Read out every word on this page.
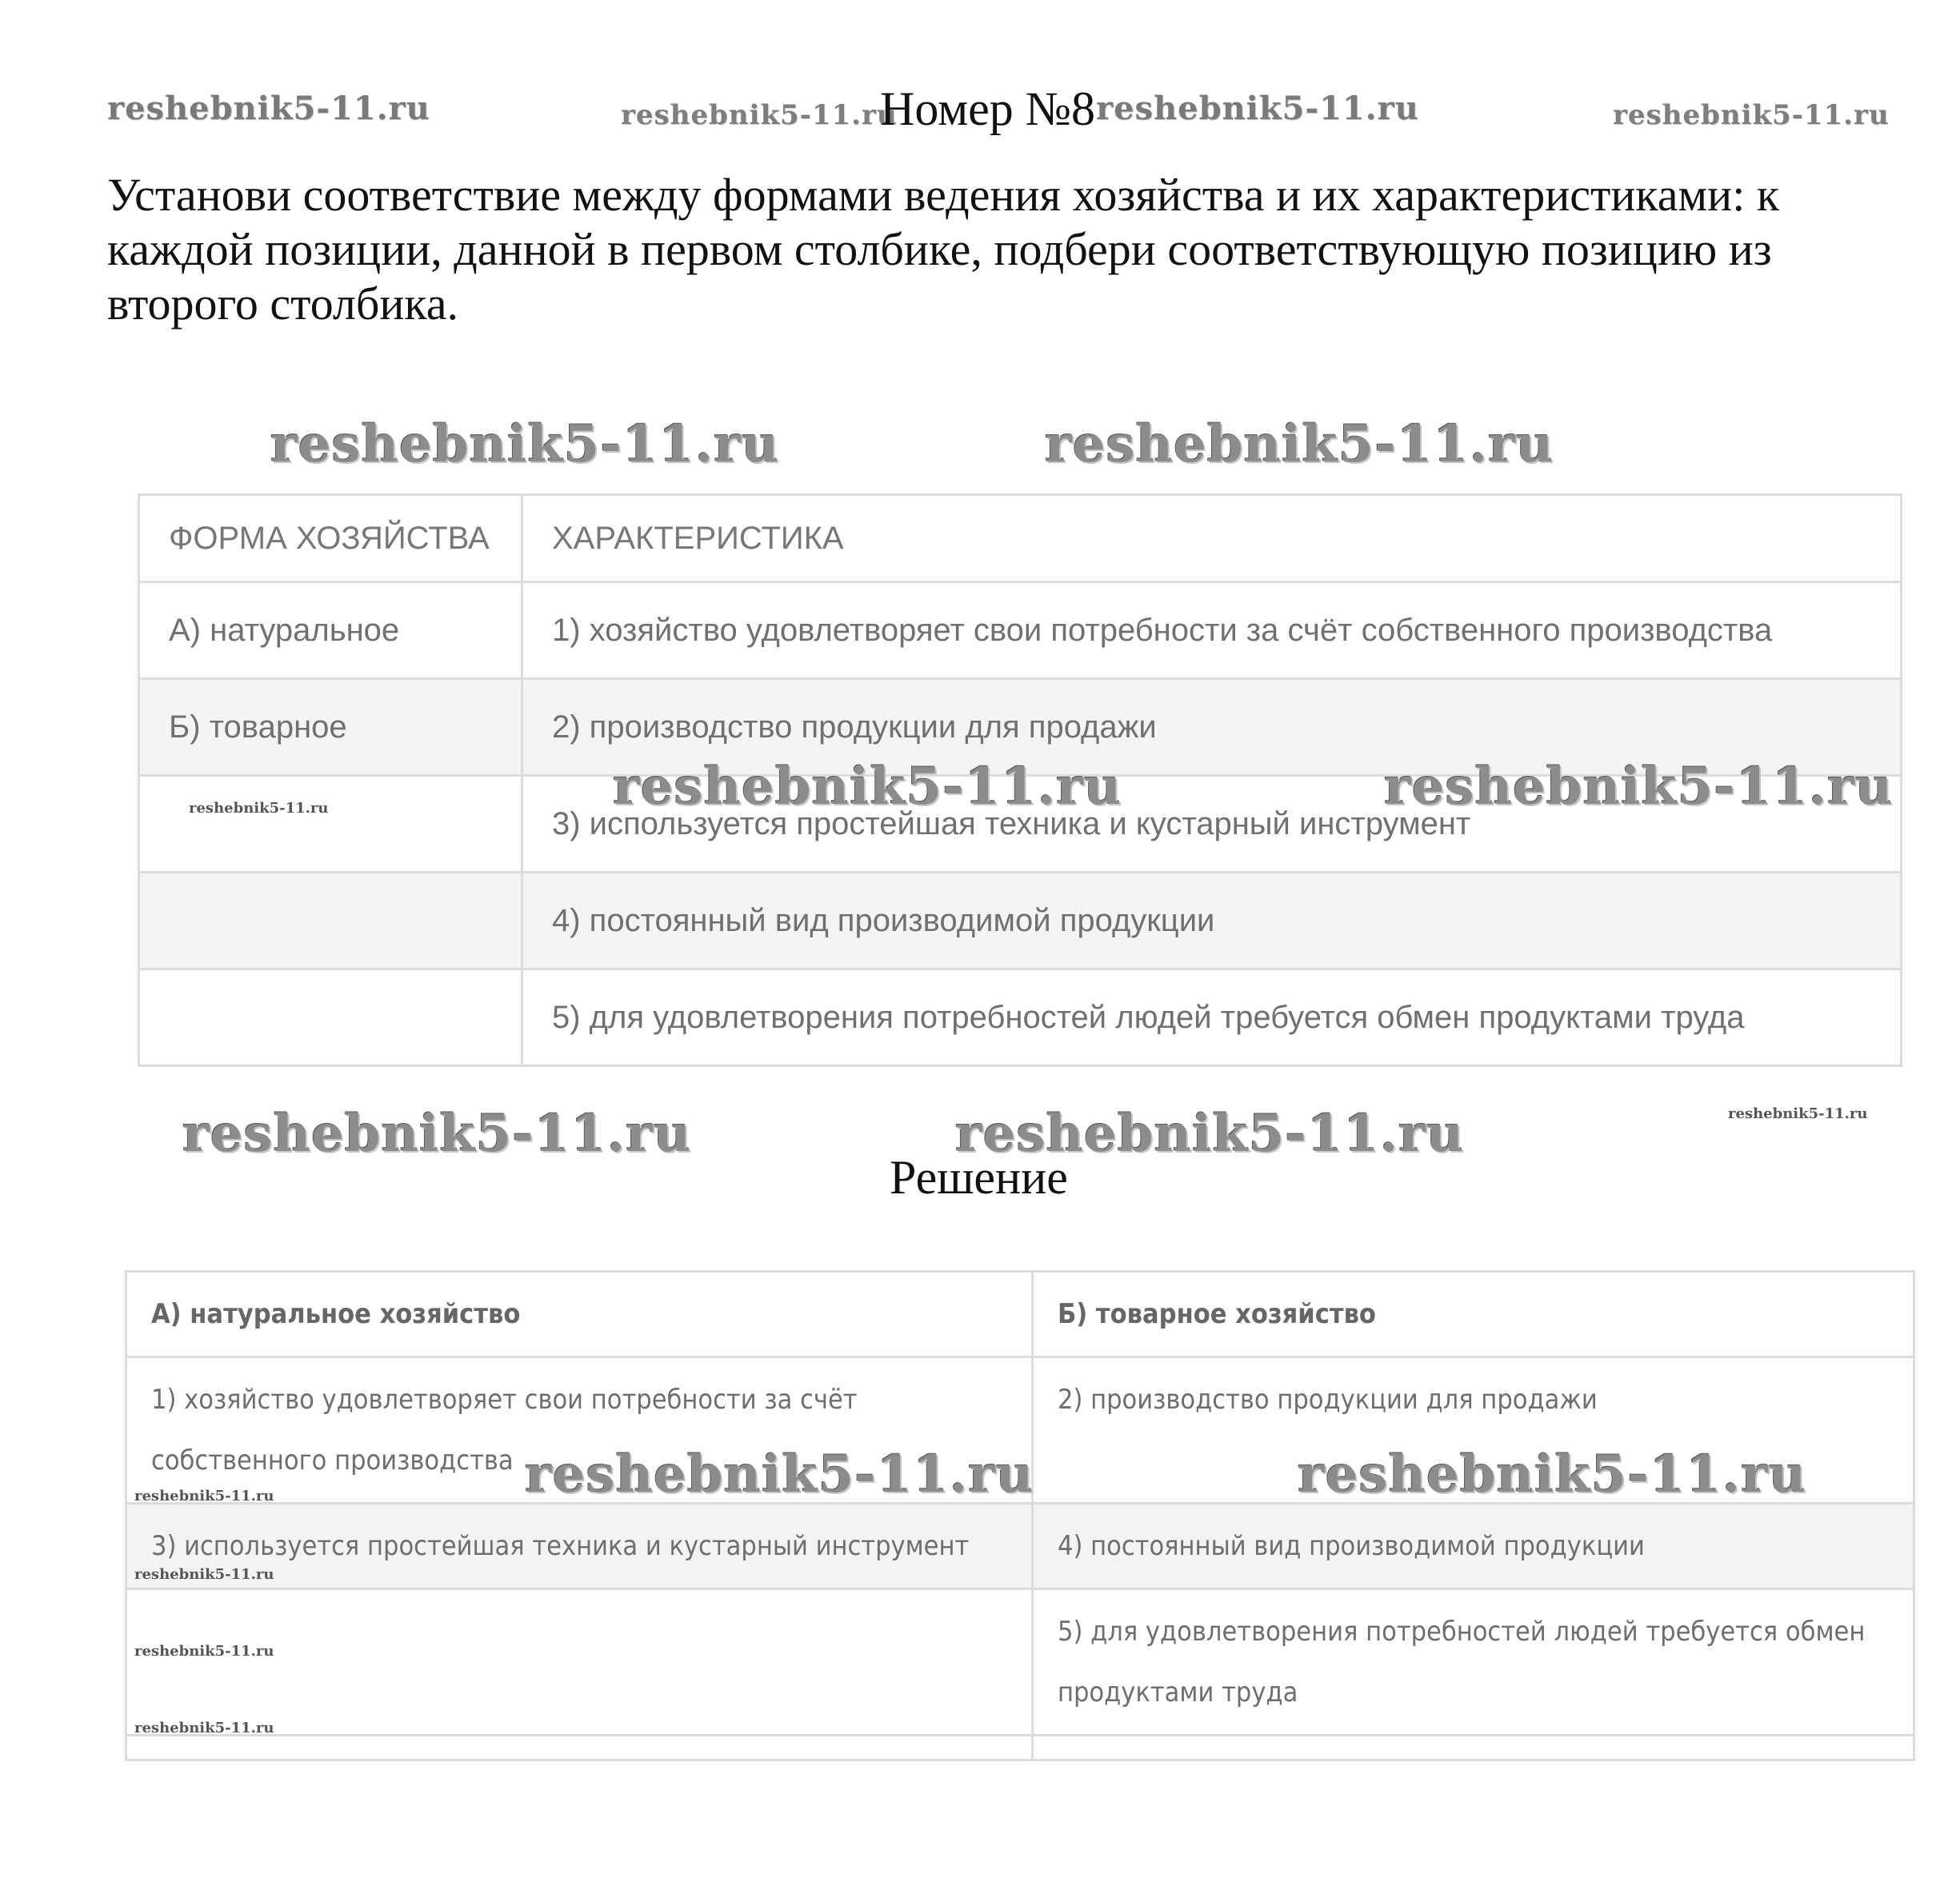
reshebnik5-11.ru	reshebnik5-11.ru	reshebnik5-11.ru	reshebnik5-11.ru
Номер №8
Установи соответствие между формами ведения хозяйства и их характеристиками: к каждой позиции, данной в первом столбике, подбери соответствующую позицию из второго столбика.
reshebnik5-11.ru	reshebnik5-11.ru
ФОРМА ХОЗЯЙСТВА	ХАРАКТЕРИСТИКА
А) натуральное	1) хозяйство удовлетворяет свои потребности за счёт собственного производства
Б) товарное	2) производство продукции для продажи
	3) используется простейшая техника и кустарный инструмент
	4) постоянный вид производимой продукции
	5) для удовлетворения потребностей людей требуется обмен продуктами труда
reshebnik5-11.ru	reshebnik5-11.ru	reshebnik5-11.ru
reshebnik5-11.ru	reshebnik5-11.ru	reshebnik5-11.ru
Решение
А) натуральное хозяйство	Б) товарное хозяйство
1) хозяйство удовлетворяет свои потребности за счёт собственного производства	2) производство продукции для продажи
3) используется простейшая техника и кустарный инструмент	4) постоянный вид производимой продукции
	5) для удовлетворения потребностей людей требуется обмен продуктами труда

reshebnik5-11.ru	reshebnik5-11.ru
reshebnik5-11.ru
reshebnik5-11.ru
reshebnik5-11.ru
reshebnik5-11.ru
